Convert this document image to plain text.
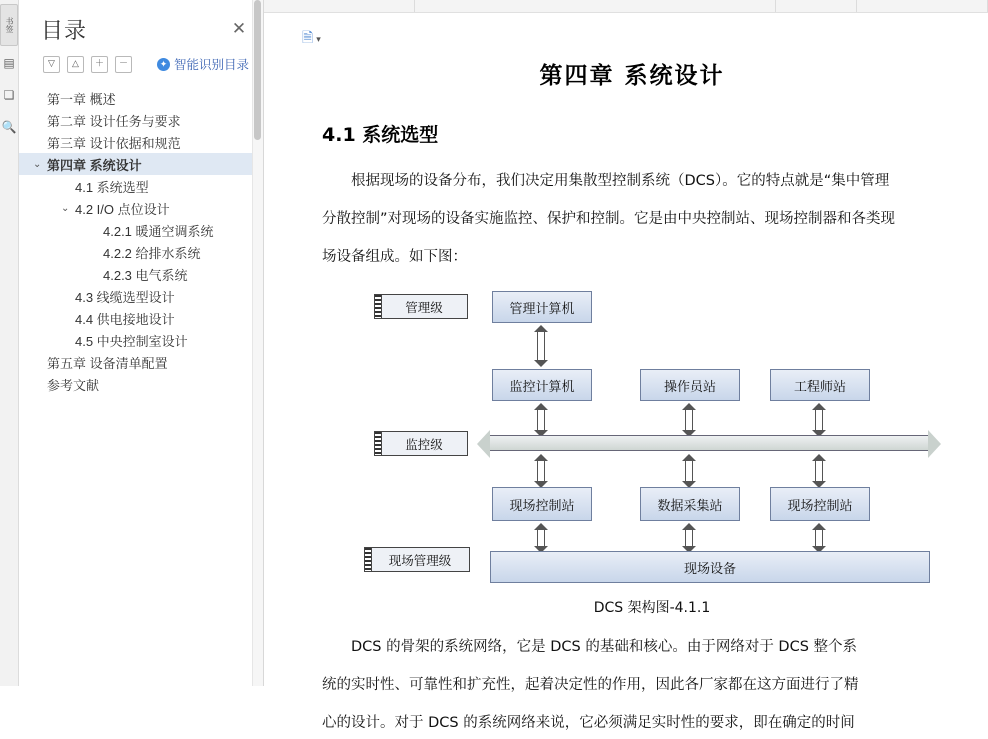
书签
▤
❏
🔍
目录	✕
▽	△	＋	－	✦ 智能识别目录
第一章 概述
第二章 设计任务与要求
第三章 设计依据和规范
⌄ 第四章 系统设计
4.1 系统选型
⌄ 4.2 I/O 点位设计
4.2.1 暖通空调系统
4.2.2 给排水系统
4.2.3 电气系统
4.3 线缆选型设计
4.4 供电接地设计
4.5 中央控制室设计
第五章 设备清单配置
参考文献
🗎 ▾
第四章 系统设计
4.1 系统选型
根据现场的设备分布，我们决定用集散型控制系统（DCS）。它的特点就是“集中管理
分散控制”对现场的设备实施监控、保护和控制。它是由中央控制站、现场控制器和各类现
场设备组成。如下图：
管理级
监控级
现场管理级
管理计算机
监控计算机	操作员站	工程师站
现场控制站	数据采集站	现场控制站
现场设备
DCS 架构图-4.1.1
DCS 的骨架的系统网络，它是 DCS 的基础和核心。由于网络对于 DCS 整个系
统的实时性、可靠性和扩充性，起着决定性的作用，因此各厂家都在这方面进行了精
心的设计。对于 DCS 的系统网络来说，它必须满足实时性的要求，即在确定的时间
